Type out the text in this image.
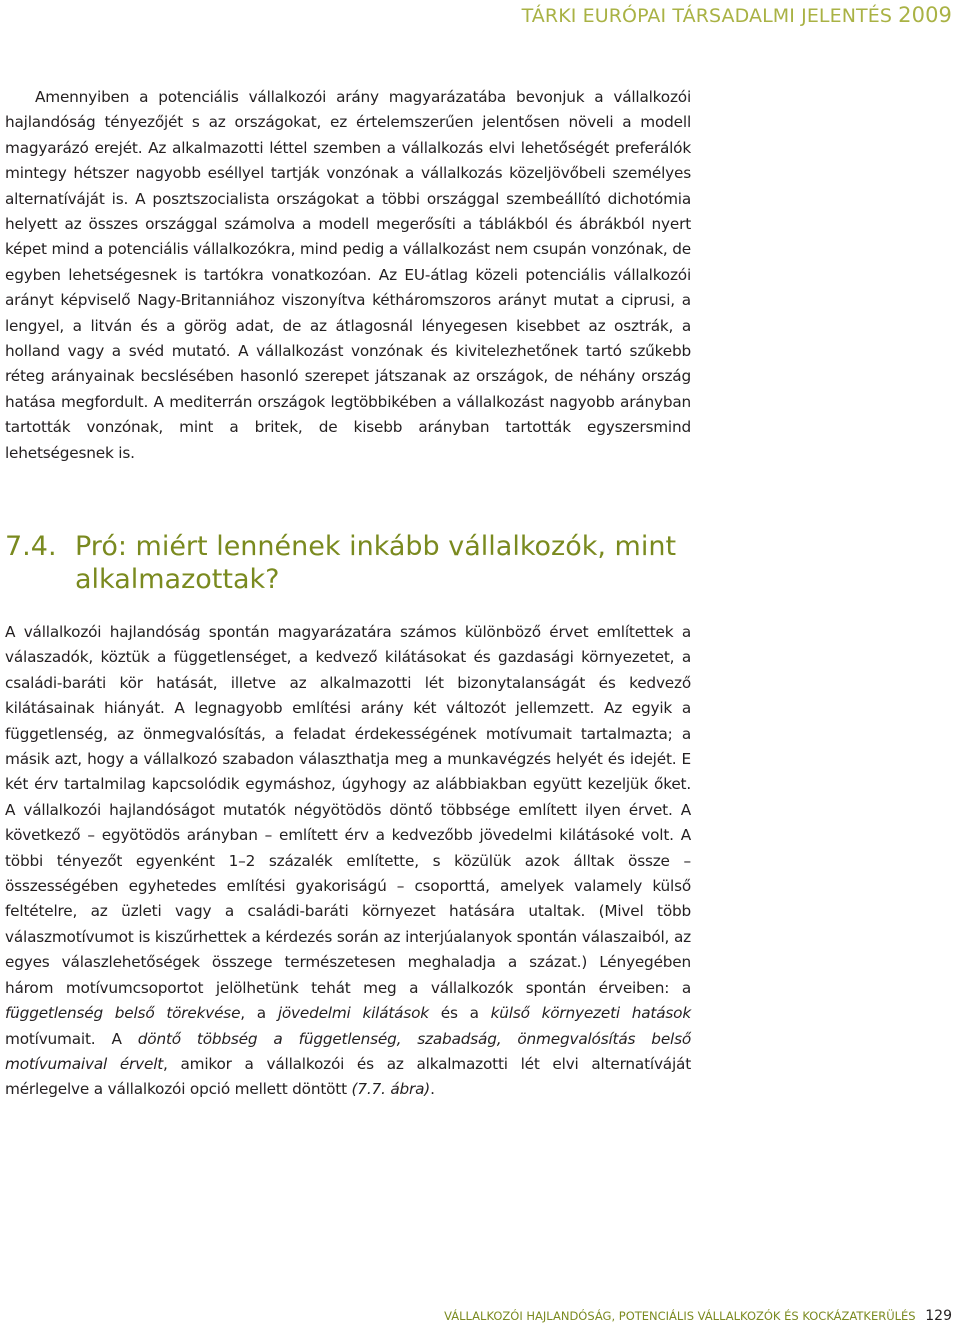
TÁRKI EURÓPAI TÁRSADALMI JELENTÉS 2009

Amennyiben a potenciális vállalkozói arány magyarázatába bevonjuk a vállalkozói hajlandóság tényezőjét s az országokat, ez értelemszerűen jelentősen növeli a modell magyarázó erejét. Az alkalmazotti léttel szemben a vállalkozás elvi lehetőségét preferálók mintegy hétszer nagyobb eséllyel tartják vonzónak a vállalkozás közeljövőbeli személyes alternatíváját is. A posztszocialista országokat a többi országgal szembeállító dichotómia helyett az összes országgal számolva a modell megerősíti a táblákból és ábrákból nyert képet mind a potenciális vállalkozókra, mind pedig a vállalkozást nem csupán vonzónak, de egyben lehetségesnek is tartókra vonatkozóan. Az EU-átlag közeli potenciális vállalkozói arányt képviselő Nagy-Britanniához viszonyítva kétháromszoros arányt mutat a ciprusi, a lengyel, a litván és a görög adat, de az átlagosnál lényegesen kisebbet az osztrák, a holland vagy a svéd mutató. A vállalkozást vonzónak és kivitelezhetőnek tartó szűkebb réteg arányainak becslésében hasonló szerepet játszanak az országok, de néhány ország hatása megfordult. A mediterrán országok legtöbbikében a vállalkozást nagyobb arányban tartották vonzónak, mint a britek, de kisebb arányban tartották egyszersmind lehetségesnek is.

7.4. Pró: miért lennének inkább vállalkozók, mint
alkalmazottak?

A vállalkozói hajlandóság spontán magyarázatára számos különböző érvet említettek a válaszadók, köztük a függetlenséget, a kedvező kilátásokat és gazdasági környezetet, a családi-baráti kör hatását, illetve az alkalmazotti lét bizonytalanságát és kedvező kilátásainak hiányát. A legnagyobb említési arány két változót jellemzett. Az egyik a függetlenség, az önmegvalósítás, a feladat érdekességének motívumait tartalmazta; a másik azt, hogy a vállalkozó szabadon választhatja meg a munkavégzés helyét és idejét. E két érv tartalmilag kapcsolódik egymáshoz, úgyhogy az alábbiakban együtt kezeljük őket. A vállalkozói hajlandóságot mutatók négyötödös döntő többsége említett ilyen érvet. A következő – egyötödös arányban – említett érv a kedvezőbb jövedelmi kilátásoké volt. A többi tényezőt egyenként 1–2 százalék említette, s közülük azok álltak össze – összességében egyhetedes említési gyakoriságú – csoporttá, amelyek valamely külső feltételre, az üzleti vagy a családi-baráti környezet hatására utaltak. (Mivel több válaszmotívumot is kiszűrhettek a kérdezés során az interjúalanyok spontán válaszaiból, az egyes válaszlehetőségek összege természetesen meghaladja a százat.) Lényegében három motívumcsoportot jelölhetünk tehát meg a vállalkozók spontán érveiben: a függetlenség belső törekvése, a jövedelmi kilátások és a külső környezeti hatások motívumait. A döntő többség a függetlenség, szabadság, önmegvalósítás belső motívumaival érvelt, amikor a vállalkozói és az alkalmazotti lét elvi alternatíváját mérlegelve a vállalkozói opció mellett döntött (7.7. ábra).

VÁLLALKOZÓI HAJLANDÓSÁG, POTENCIÁLIS VÁLLALKOZÓK ÉS KOCKÁZATKERÜLÉS 129
